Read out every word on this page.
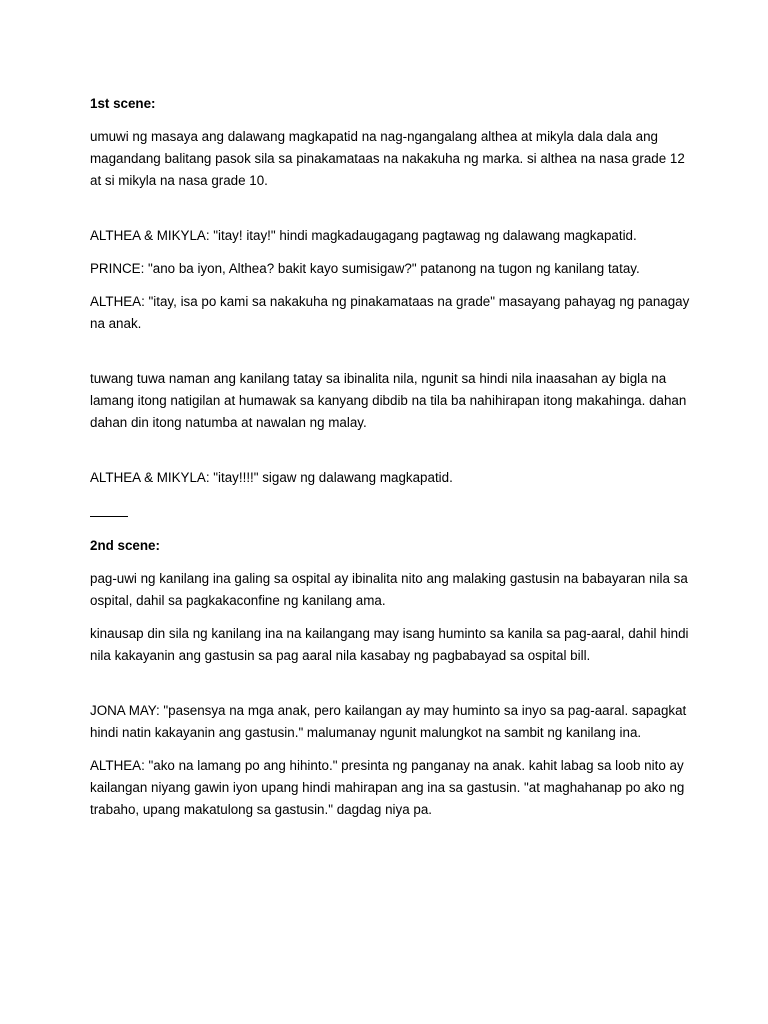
1st scene:

umuwi ng masaya ang dalawang magkapatid na nag-ngangalang althea at mikyla dala dala ang magandang balitang pasok sila sa pinakamataas na nakakuha ng marka. si althea na nasa grade 12 at si mikyla na nasa grade 10.

ALTHEA & MIKYLA: "itay! itay!" hindi magkadaugagang pagtawag ng dalawang magkapatid.

PRINCE: "ano ba iyon, Althea? bakit kayo sumisigaw?" patanong na tugon ng kanilang tatay.

ALTHEA: "itay, isa po kami sa nakakuha ng pinakamataas na grade" masayang pahayag ng panagay na anak.

tuwang tuwa naman ang kanilang tatay sa ibinalita nila, ngunit sa hindi nila inaasahan ay bigla na lamang itong natigilan at humawak sa kanyang dibdib na tila ba nahihirapan itong makahinga. dahan dahan din itong natumba at nawalan ng malay.

ALTHEA & MIKYLA: "itay!!!!" sigaw ng dalawang magkapatid.

2nd scene:

pag-uwi ng kanilang ina galing sa ospital ay ibinalita nito ang malaking gastusin na babayaran nila sa ospital, dahil sa pagkakaconfine ng kanilang ama.

kinausap din sila ng kanilang ina na kailangang may isang huminto sa kanila sa pag-aaral, dahil hindi nila kakayanin ang gastusin sa pag aaral nila kasabay ng pagbabayad sa ospital bill.

JONA MAY: "pasensya na mga anak, pero kailangan ay may huminto sa inyo sa pag-aaral. sapagkat hindi natin kakayanin ang gastusin." malumanay ngunit malungkot na sambit ng kanilang ina.

ALTHEA: "ako na lamang po ang hihinto." presinta ng panganay na anak. kahit labag sa loob nito ay kailangan niyang gawin iyon upang hindi mahirapan ang ina sa gastusin. "at maghahanap po ako ng trabaho, upang makatulong sa gastusin." dagdag niya pa.
